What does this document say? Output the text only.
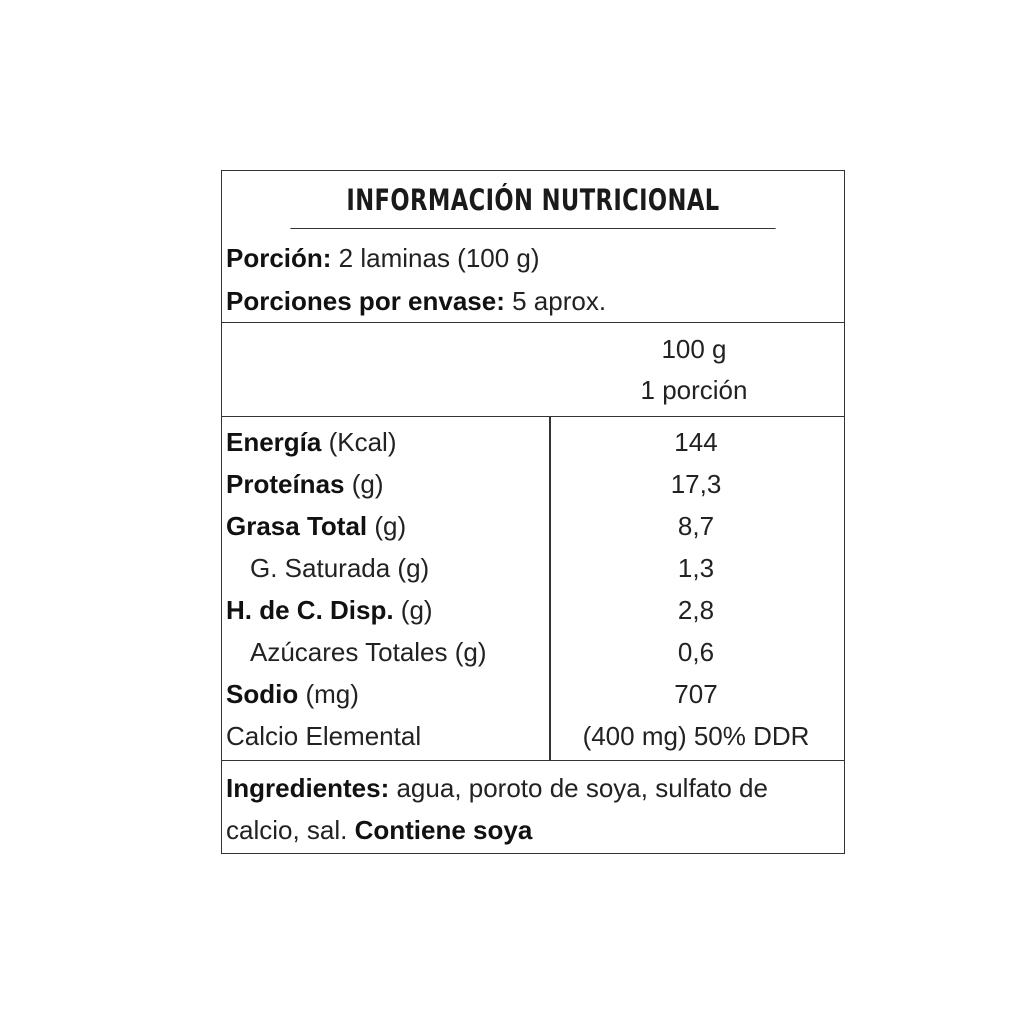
INFORMACIÓN NUTRICIONAL
Porción: 2 laminas (100 g)
Porciones por envase: 5 aprox.
100 g
1 porción
Energía (Kcal)	144
Proteínas (g)	17,3
Grasa Total (g)	8,7
G. Saturada (g)	1,3
H. de C. Disp. (g)	2,8
Azúcares Totales (g)	0,6
Sodio (mg)	707
Calcio Elemental	(400 mg) 50% DDR
Ingredientes: agua, poroto de soya, sulfato de calcio, sal. Contiene soya
